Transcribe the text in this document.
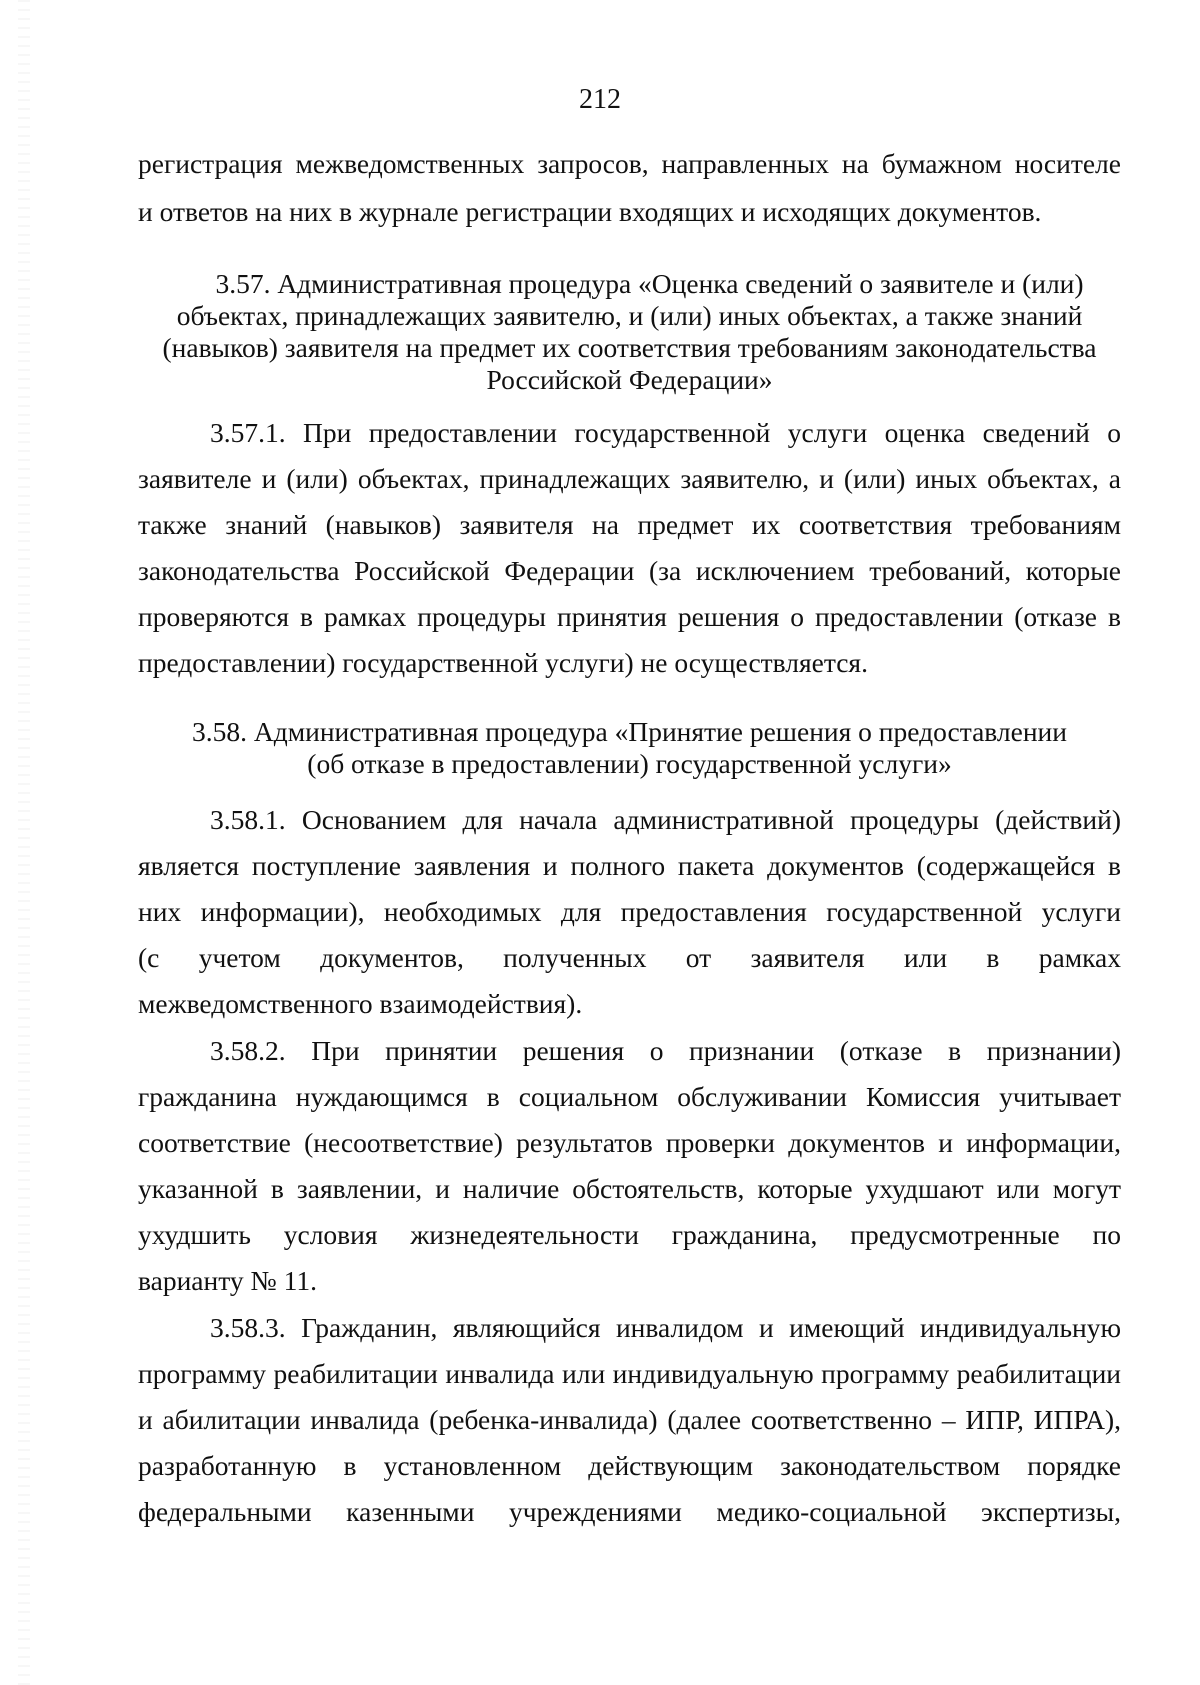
212
регистрация межведомственных запросов, направленных на бумажном носителе
и ответов на них в журнале регистрации входящих и исходящих документов.
3.57. Административная процедура «Оценка сведений о заявителе и (или)
объектах, принадлежащих заявителю, и (или) иных объектах, а также знаний
(навыков) заявителя на предмет их соответствия требованиям законодательства
Российской Федерации»
3.57.1. При предоставлении государственной услуги оценка сведений о
заявителе и (или) объектах, принадлежащих заявителю, и (или) иных объектах, а
также знаний (навыков) заявителя на предмет их соответствия требованиям
законодательства Российской Федерации (за исключением требований, которые
проверяются в рамках процедуры принятия решения о предоставлении (отказе в
предоставлении) государственной услуги) не осуществляется.
3.58. Административная процедура «Принятие решения о предоставлении
(об отказе в предоставлении) государственной услуги»
3.58.1. Основанием для начала административной процедуры (действий)
является поступление заявления и полного пакета документов (содержащейся в
них информации), необходимых для предоставления государственной услуги
(с учетом документов, полученных от заявителя или в рамках
межведомственного взаимодействия).
3.58.2. При принятии решения о признании (отказе в признании)
гражданина нуждающимся в социальном обслуживании Комиссия учитывает
соответствие (несоответствие) результатов проверки документов и информации,
указанной в заявлении, и наличие обстоятельств, которые ухудшают или могут
ухудшить условия жизнедеятельности гражданина, предусмотренные по
варианту № 11.
3.58.3. Гражданин, являющийся инвалидом и имеющий индивидуальную
программу реабилитации инвалида или индивидуальную программу реабилитации
и абилитации инвалида (ребенка-инвалида) (далее соответственно – ИПР, ИПРА),
разработанную в установленном действующим законодательством порядке
федеральными казенными учреждениями медико-социальной экспертизы,
